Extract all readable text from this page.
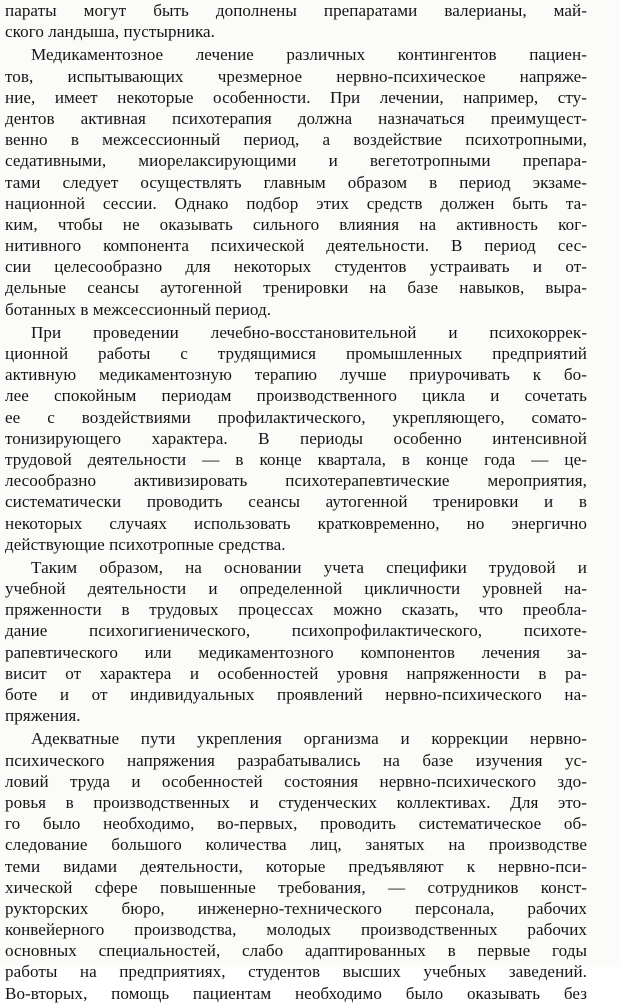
параты могут быть дополнены препаратами валерианы, май-
ского ландыша, пустырника.
Медикаментозное лечение различных контингентов пациен-
тов, испытывающих чрезмерное нервно-психическое напряже-
ние, имеет некоторые особенности. При лечении, например, сту-
дентов активная психотерапия должна назначаться преимущест-
венно в межсессионный период, а воздействие психотропными,
седативными, миорелаксирующими и вегетотропными препара-
тами следует осуществлять главным образом в период экзаме-
национной сессии. Однако подбор этих средств должен быть та-
ким, чтобы не оказывать сильного влияния на активность ког-
нитивного компонента психической деятельности. В период сес-
сии целесообразно для некоторых студентов устраивать и от-
дельные сеансы аутогенной тренировки на базе навыков, выра-
ботанных в межсессионный период.
При проведении лечебно-восстановительной и психокоррек-
ционной работы с трудящимися промышленных предприятий
активную медикаментозную терапию лучше приурочивать к бо-
лее спокойным периодам производственного цикла и сочетать
ее с воздействиями профилактического, укрепляющего, сомато-
тонизирующего характера. В периоды особенно интенсивной
трудовой деятельности — в конце квартала, в конце года — це-
лесообразно активизировать психотерапевтические мероприятия,
систематически проводить сеансы аутогенной тренировки и в
некоторых случаях использовать кратковременно, но энергично
действующие психотропные средства.
Таким образом, на основании учета специфики трудовой и
учебной деятельности и определенной цикличности уровней на-
пряженности в трудовых процессах можно сказать, что преобла-
дание психогигиенического, психопрофилактического, психоте-
рапевтического или медикаментозного компонентов лечения за-
висит от характера и особенностей уровня напряженности в ра-
боте и от индивидуальных проявлений нервно-психического на-
пряжения.
Адекватные пути укрепления организма и коррекции нервно-
психического напряжения разрабатывались на базе изучения ус-
ловий труда и особенностей состояния нервно-психического здо-
ровья в производственных и студенческих коллективах. Для это-
го было необходимо, во-первых, проводить систематическое об-
следование большого количества лиц, занятых на производстве
теми видами деятельности, которые предъявляют к нервно-пси-
хической сфере повышенные требования, — сотрудников конст-
рукторских бюро, инженерно-технического персонала, рабочих
конвейерного производства, молодых производственных рабочих
основных специальностей, слабо адаптированных в первые годы
работы на предприятиях, студентов высших учебных заведений.
Во-вторых, помощь пациентам необходимо было оказывать без
